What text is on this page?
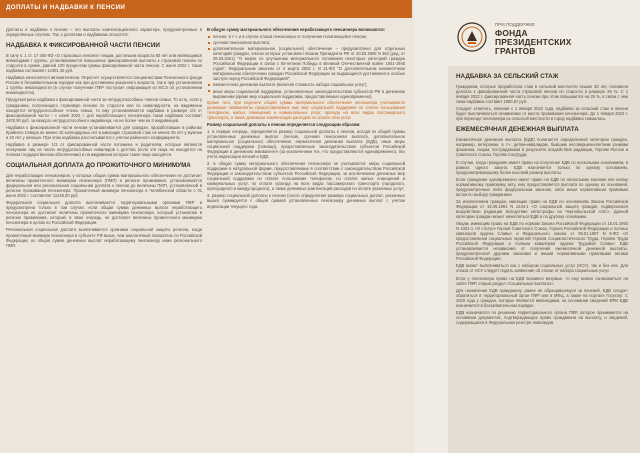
ДОПЛАТЫ И НАДБАВКИ К ПЕНСИИ
ПРИ ПОДДЕРЖКЕ
ФОНДА
ПРЕЗИДЕНТСКИХ
ГРАНТОВ

Доплаты и надбавки к пенсии – это выплаты компенсационного характера, предусмотренные в определённых случаях. Так, к доплатам и надбавкам относятся:

НАДБАВКА К ФИКСИРОВАННОЙ ЧАСТИ ПЕНСИИ

В силу п. 1 ст. 17 400-ФЗ «О страховых пенсиях» лицам, достигшим возраста 80 лет или являющимся инвалидами I группы, устанавливается повышение фиксированной выплаты к страховой пенсии по старости в сумме, равной 100 процентам суммы фиксированной части пенсии. С июня 2022 г. такая надбавка составляет 14401,46 руб.

Надбавка начисляется автоматически. Пересчет осуществляется специалистами Пенсионного фонда России в беззаявительном порядке как при достижении указанного возраста, так и при установлении 1 группы инвалидности (в случае получения ПФР поступает информация из МСЭ об установлении инвалидности).

Предусмотрена надбавка к фиксированной части за нетрудоспособных членов семьи. То есть, если у гражданина, получающего страховую пенсию по старости или по инвалидности, на иждивении находятся нетрудоспособные члены семьи, то ему устанавливается надбавка в размере 1/3 от фиксированной части – с июня 2022 г. для неработающего пенсионера такая надбавка составит 2400,90 руб. за каждого нетрудоспособного иждивенца, но не более чем на 3 иждивенцев.

Надбавка к фиксированной части пенсии устанавливается для граждан, проработавших в районах Крайнего Севера не менее 15 календарных лет и имеющих страховой стаж не менее 25 лет у мужчин и 20 лет у женщин. При этом надбавка рассчитывается с учетом районного коэффициента.

Надбавка в размере 1/3 от фиксированной части положена и родителям, которые являются опекунами лиц из числа нетрудоспособных инвалидов с детства (если эти лица не находятся на полном государственном обеспечении) и на иждивении которых такие лица находятся.

СОЦИАЛЬНАЯ ДОПЛАТА ДО ПРОЖИТОЧНОГО МИНИМУМА

Для неработающих пенсионеров, у которых общая сумма материального обеспечения не достигает величины прожиточного минимума пенсионера (ПМП) в регионе проживания, устанавливается федеральная или региональная социальная доплата к пенсии до величины ПМП, установленной в регионе проживания пенсионера. Прожиточный минимум пенсионера в Челябинской области с 01 июня 2022 г. составляет 11245,00 руб.

Федеральная социальная доплата выплачивается территориальными органами ПФР и предусмотрена только в том случае, если общая сумма денежных выплат неработающего пенсионера не достигает величины прожиточного минимума пенсионера, который установлен в регионе проживания, который, в свою очередь, не достигает величины прожиточного минимума пенсионера в целом по Российской Федерации.

Региональная социальная доплата выплачивается органами социальной защиты региона, когда прожиточный минимум пенсионера в субъекте РФ выше, чем аналогичный показатель по Российской Федерации, но общая сумма денежных выплат неработающему пенсионеру ниже регионального ПМП.

В общую сумму материального обеспечения неработающего пенсионера включаются:

пенсия, в т.ч. и в случае отказа пенсионера от получения полагающейся пенсии;
срочная пенсионная выплата;
дополнительное материальное (социальное) обеспечение – предусмотрено для отдельных категорий граждан, список которых установлен Указом Президента РФ от 30.03.2005 N 363 (ред. от 25.03.2021) "О мерах по улучшению материального положения некоторых категорий граждан Российской Федерации в связи с 60-летием Победы в Великой Отечественной войне 1941-1945 годов", Федеральным законом от 4 марта 2002 г. N 21-ФЗ "О дополнительном ежемесячном материальном обеспечении граждан Российской Федерации за выдающиеся достижения и особые заслуги перед Российской Федерацией";
ежемесячная денежная выплата (включая стоимость набора социальных услуг);
иные меры социальной поддержки, установленные законодательством субъектов РФ в денежном выражении (кроме мер социальной поддержки, предоставляемых единовременно).

Кроме того, при подсчете общей суммы материального обеспечения пенсионера учитываются денежные эквиваленты предоставляемых ему мер социальной поддержки по оплате пользования телефоном, жилых помещений и коммунальных услуг, проезда на всех видах пассажирского транспорта, а также денежные компенсации расходов по оплате этих услуг.

Размер социальной доплаты к пенсии определяется следующим образом:

1. в первую очередь, определяется размер социальной доплаты к пенсии, исходя из общей суммы установленных денежных выплат (пенсия, срочная пенсионная выплата, дополнительное материальное (социальное) обеспечение, ежемесячная денежная выплата (ЕДВ), иные меры социальной поддержки (помощи), предоставленные законодательством субъектов Российской Федерации в денежном эквиваленте (за исключением тех, что предоставляются единовременно), без учета индексации пенсий и ЕДВ;

2. в общую сумму материального обеспечения пенсионера не учитывается: меры социальной поддержки в натуральной форме, предоставляемые в соответствии с законодательством Российской Федерации и законодательством субъектов Российской Федерации, за исключением денежных мер социальной поддержки по оплате пользования телефоном, по оплате жилых помещений и коммунальных услуг, по оплате проезда на всех видах пассажирского транспорта (городского, пригородного и междугородного), а также денежных компенсаций расходов по оплате указанных услуг;

3. размер социальной доплаты к пенсии (после определения размера социальных доплат, указанных выше) суммируется с общей суммой установленных пенсионеру денежных выплат с учетом индексации текущего года.

НАДБАВКА ЗА СЕЛЬСКИЙ СТАЖ

Гражданам, которые проработали стаж в сельской местности свыше 30 лет, положена доплата к фиксированной части страховой пенсии по старости в размере 25 %. С 1 января 2022 г. фиксированная часть пенсии при этом повышается на 25 %, в связи с чем сама надбавка составит 1800,67 руб.

Следует отметить, начиная с 1 января 2022 года, надбавка за сельский стаж в пенсии будет выплачиваться независимо от места проживания пенсионера. До 1 января 2022 г. при переезде пенсионера из сельской местности в город надбавка снималась.

ЕЖЕМЕСЯЧНАЯ ДЕНЕЖНАЯ ВЫПЛАТА

Ежемесячная денежная выплата (ЕДВ) полагается определенной категории граждан, например, ветеранам, в т.ч. детям-инвалидам, бывшим несовершеннолетним узникам фашизма, лицам, пострадавшим в результате воздействия радиации, Героям России и Советского Союза, Героям Соцтруда.

В случае, когда гражданин имеет право на получение ЕДВ по нескольким основаниям, в рамках одного закона, ЕДВ назначается только по одному основанию, предусматривающему более высокий размер выплаты.

Если гражданин одновременно имеет право на ЕДВ по нескольким законам или иному нормативному правовому акту, ему предоставляется выплата по одному из оснований, предусмотренных либо федеральным законом, либо иным нормативным правовым актом по выбору гражданина.

За исключением граждан, имеющих право на ЕДВ по основаниям Закона Российской Федерации от 15.05.1991 N 1244-1 «О социальной защите граждан, подвергшихся воздействию радиации вследствие катастрофы на Чернобыльской АЭС». Данной категории граждан может начисляться ЕДВ и по другому основанию.

Лицам, имеющим право на ЕДВ по нормам Закона Российской Федерации от 15.01.1993 N 4301-1 «О статусе Героев Советского Союза, Героев Российской Федерации и полных кавалеров ордена Славы» и Федерального закона от 09.01.1997 N 5-ФЗ «О предоставлении социальных гарантий Героям Социалистического Труда, Героям Труда Российской Федерации и полным кавалерам ордена Трудовой Славы» ЕДВ устанавливается независимо от получения ежемесячной денежной выплаты, предусмотренной другими законами и иными нормативными правовыми актами Российской Федерации.

ЕДВ может выплачиваться как с набором социальных услуг (НСУ), так и без них. Для отказа от НСУ следует подать заявление об отказе от набора социальных услуг.

Если у пенсионера право на ЕДВ возникло впервые, то ему можно ознакомиться на сайте ПФР, открыв раздел «Социальные выплаты».

Для назначения ЕДВ гражданину, ранее не обращавшемуся за пенсией, ЕДВ следует обратиться в территориальный орган ПФР или в МФЦ, а также на портале Госуслуг. С 2020 года у граждан, которые являются инвалидами, на основании сведений ФРИ ЕДВ назначается в беззаявительном порядке.

ЕДВ назначается по решению территориального органа ПФР, которое принимается на основании документов, подтверждающих право гражданина на выплату, и сведений, содержащихся в Федеральном реестре инвалидов.
